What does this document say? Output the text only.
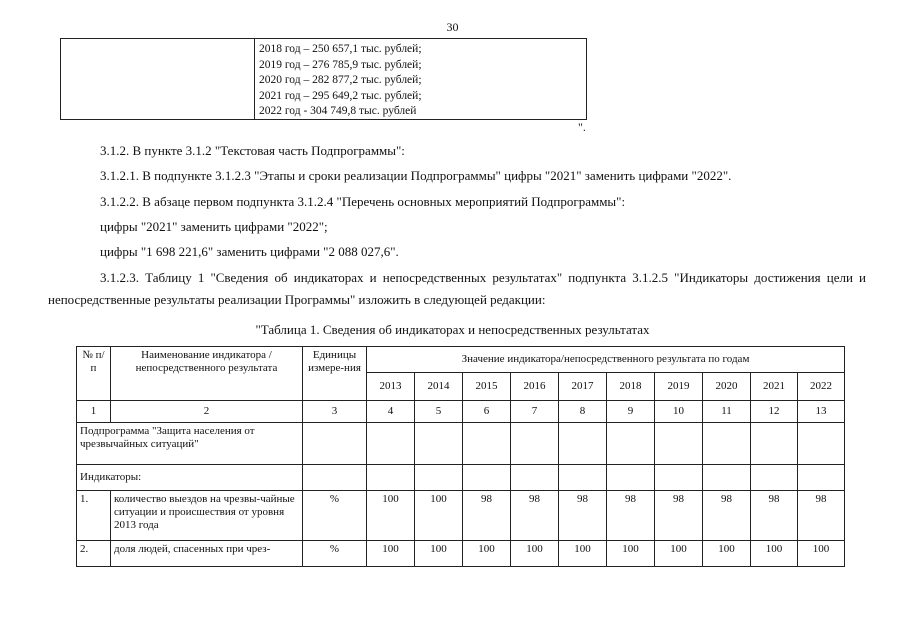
30
2018 год – 250 657,1 тыс. рублей;
2019 год – 276 785,9 тыс. рублей;
2020 год – 282 877,2 тыс. рублей;
2021 год – 295 649,2 тыс. рублей;
2022 год - 304 749,8 тыс. рублей
".
3.1.2. В пункте 3.1.2 "Текстовая часть Подпрограммы":
3.1.2.1. В подпункте 3.1.2.3 "Этапы и сроки реализации Подпрограммы" цифры "2021" заменить цифрами "2022".
3.1.2.2. В абзаце первом подпункта 3.1.2.4 "Перечень основных мероприятий Подпрограммы":
цифры "2021" заменить цифрами "2022";
цифры "1 698 221,6" заменить цифрами "2 088 027,6".
3.1.2.3. Таблицу 1 "Сведения об индикаторах и непосредственных результатах" подпункта 3.1.2.5 "Индикаторы достижения цели и непосредственные результаты реализации Программы" изложить в следующей редакции:
"Таблица 1. Сведения об индикаторах и непосредственных результатах
№ п/п	Наименование индикатора / непосредственного результата	Единицы измере-ния	Значение индикатора/непосредственного результата по годам									
			2013	2014	2015	2016	2017	2018	2019	2020	2021	2022
1	2	3	4	5	6	7	8	9	10	11	12	13
Подпрограмма "Защита населения от чрезвычайных ситуаций"												
Индикаторы:												
1.	количество выездов на чрезвы-чайные ситуации и происшествия от уровня 2013 года	%	100	100	98	98	98	98	98	98	98	98
2.	доля людей, спасенных при чрез-	%	100	100	100	100	100	100	100	100	100	100
